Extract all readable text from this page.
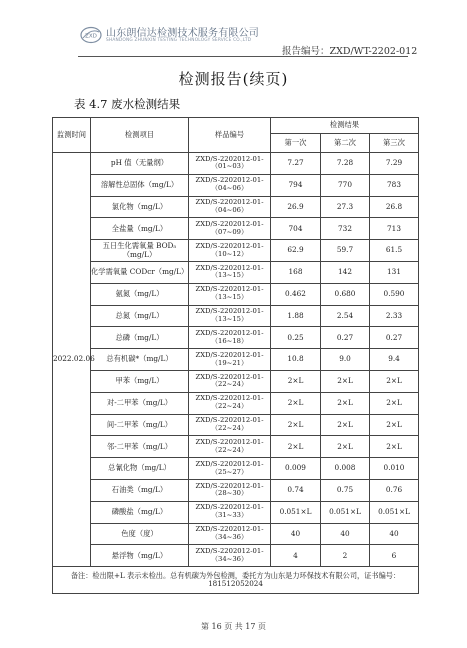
ZXD 山东朗信达检测技术服务有限公司
SHANDONG ZHUNXIN TESTING TECHNOLOGY SERVICE CO.,LTD
报告编号：ZXD/WT-2202-012
检测报告(续页)
表 4.7 废水检测结果
监测时间	检测项目	样品编号	检测结果		
			第一次	第二次	第三次
2022.02.06	pH 值（无量纲）	ZXD/S-2202012-01-（01~03）	7.27	7.28	7.29
	溶解性总固体（mg/L）	ZXD/S-2202012-01-（04~06）	794	770	783
	氯化物（mg/L）	ZXD/S-2202012-01-（04~06）	26.9	27.3	26.8
	全盐量（mg/L）	ZXD/S-2202012-01-（07~09）	704	732	713
	五日生化需氧量 BOD₅（mg/L）	ZXD/S-2202012-01-（10~12）	62.9	59.7	61.5
	化学需氧量 CODcr（mg/L）	ZXD/S-2202012-01-（13~15）	168	142	131
	氨氮（mg/L）	ZXD/S-2202012-01-（13~15）	0.462	0.680	0.590
	总氮（mg/L）	ZXD/S-2202012-01-（13~15）	1.88	2.54	2.33
	总磷（mg/L）	ZXD/S-2202012-01-（16~18）	0.25	0.27	0.27
	总有机碳*（mg/L）	ZXD/S-2202012-01-（19~21）	10.8	9.0	9.4
	甲苯（mg/L）	ZXD/S-2202012-01-（22~24）	2×L	2×L	2×L
	对-二甲苯（mg/L）	ZXD/S-2202012-01-（22~24）	2×L	2×L	2×L
	间-二甲苯（mg/L）	ZXD/S-2202012-01-（22~24）	2×L	2×L	2×L
	邻-二甲苯（mg/L）	ZXD/S-2202012-01-（22~24）	2×L	2×L	2×L
	总氰化物（mg/L）	ZXD/S-2202012-01-（25~27）	0.009	0.008	0.010
	石油类（mg/L）	ZXD/S-2202012-01-（28~30）	0.74	0.75	0.76
	磷酸盐（mg/L）	ZXD/S-2202012-01-（31~33）	0.051×L	0.051×L	0.051×L
	色度（度）	ZXD/S-2202012-01-（34~36）	40	40	40
	悬浮物（mg/L）	ZXD/S-2202012-01-（34~36）	4	2	6
备注：检出限+L 表示未检出。总有机碳为外包检测，委托方为山东是力环保技术有限公司，证书编号：181512052024					
第 16 页 共 17 页
